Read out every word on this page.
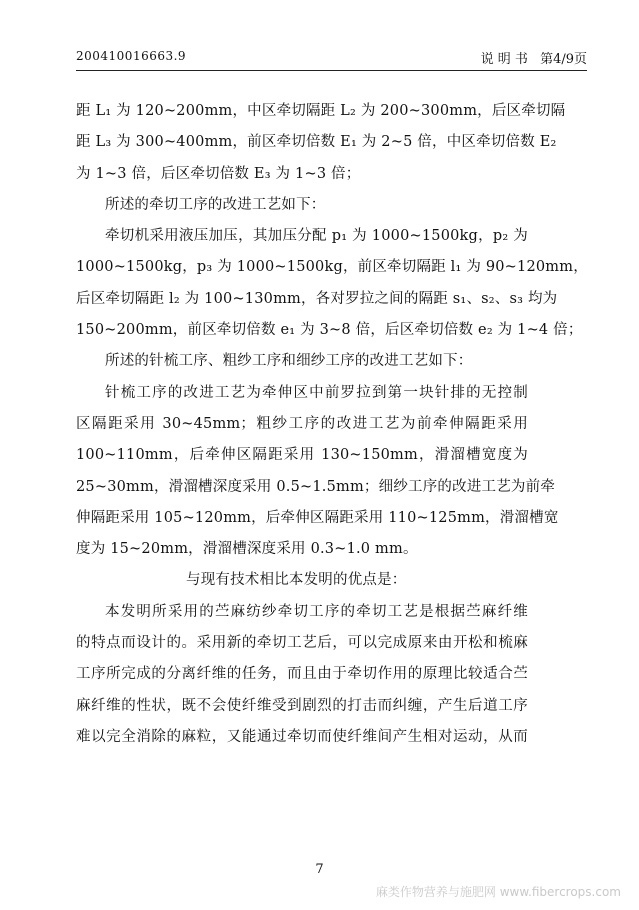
200410016663.9	说 明 书 第4/9页
距 L₁ 为 120~200mm，中区牵切隔距 L₂ 为 200~300mm，后区牵切隔
距 L₃ 为 300~400mm，前区牵切倍数 E₁ 为 2~5 倍，中区牵切倍数 E₂
为 1~3 倍，后区牵切倍数 E₃ 为 1~3 倍；
所述的牵切工序的改进工艺如下：
牵切机采用液压加压，其加压分配 p₁ 为 1000~1500kg，p₂ 为
1000~1500kg，p₃ 为 1000~1500kg，前区牵切隔距 l₁ 为 90~120mm，
后区牵切隔距 l₂ 为 100~130mm，各对罗拉之间的隔距 s₁、s₂、s₃ 均为
150~200mm，前区牵切倍数 e₁ 为 3~8 倍，后区牵切倍数 e₂ 为 1~4 倍；
所述的针梳工序、粗纱工序和细纱工序的改进工艺如下：
针梳工序的改进工艺为牵伸区中前罗拉到第一块针排的无控制
区隔距采用 30~45mm；粗纱工序的改进工艺为前牵伸隔距采用
100~110mm，后牵伸区隔距采用 130~150mm，滑溜槽宽度为
25~30mm，滑溜槽深度采用 0.5~1.5mm；细纱工序的改进工艺为前牵
伸隔距采用 105~120mm，后牵伸区隔距采用 110~125mm，滑溜槽宽
度为 15~20mm，滑溜槽深度采用 0.3~1.0 mm。
与现有技术相比本发明的优点是：
本发明所采用的苎麻纺纱牵切工序的牵切工艺是根据苎麻纤维
的特点而设计的。采用新的牵切工艺后，可以完成原来由开松和梳麻
工序所完成的分离纤维的任务，而且由于牵切作用的原理比较适合苎
麻纤维的性状，既不会使纤维受到剧烈的打击而纠缠，产生后道工序
难以完全消除的麻粒，又能通过牵切而使纤维间产生相对运动，从而
7
麻类作物营养与施肥网 www.fibercrops.com
